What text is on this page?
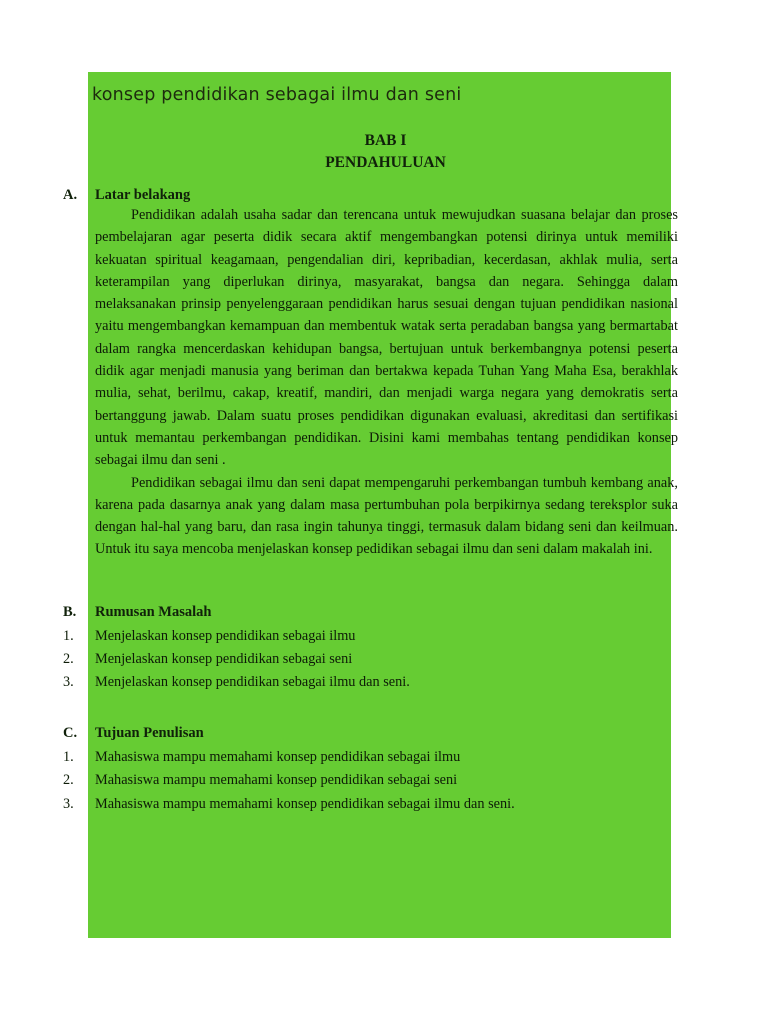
konsep pendidikan sebagai ilmu dan seni
BAB I
PENDAHULUAN
A.	Latar belakang
Pendidikan adalah usaha sadar dan terencana untuk mewujudkan suasana belajar dan proses pembelajaran agar peserta didik secara aktif mengembangkan potensi dirinya untuk memiliki kekuatan spiritual keagamaan, pengendalian diri, kepribadian, kecerdasan, akhlak mulia, serta keterampilan yang diperlukan dirinya, masyarakat, bangsa dan negara. Sehingga dalam melaksanakan prinsip penyelenggaraan pendidikan harus sesuai dengan tujuan pendidikan nasional yaitu mengembangkan kemampuan dan membentuk watak serta peradaban bangsa yang bermartabat dalam rangka mencerdaskan kehidupan bangsa, bertujuan untuk berkembangnya potensi peserta didik agar menjadi manusia yang beriman dan bertakwa kepada Tuhan Yang Maha Esa, berakhlak mulia, sehat, berilmu, cakap, kreatif, mandiri, dan menjadi warga negara yang demokratis serta bertanggung jawab. Dalam suatu proses pendidikan digunakan evaluasi, akreditasi dan sertifikasi untuk memantau perkembangan pendidikan. Disini kami membahas tentang pendidikan konsep sebagai ilmu dan seni .
Pendidikan sebagai ilmu dan seni dapat mempengaruhi perkembangan tumbuh kembang anak, karena pada dasarnya anak yang dalam masa pertumbuhan pola berpikirnya sedang tereksplor suka dengan hal-hal yang baru, dan rasa ingin tahunya tinggi, termasuk dalam bidang seni dan keilmuan. Untuk itu saya mencoba menjelaskan konsep pedidikan sebagai ilmu dan seni dalam makalah ini.
B.	Rumusan Masalah
1.	Menjelaskan konsep pendidikan sebagai ilmu
2.	Menjelaskan konsep pendidikan sebagai seni
3.	Menjelaskan konsep pendidikan sebagai ilmu dan seni.
C.	Tujuan Penulisan
1.	Mahasiswa mampu memahami konsep pendidikan sebagai ilmu
2.	Mahasiswa mampu memahami konsep pendidikan sebagai seni
3.	Mahasiswa mampu memahami konsep pendidikan sebagai ilmu dan seni.
